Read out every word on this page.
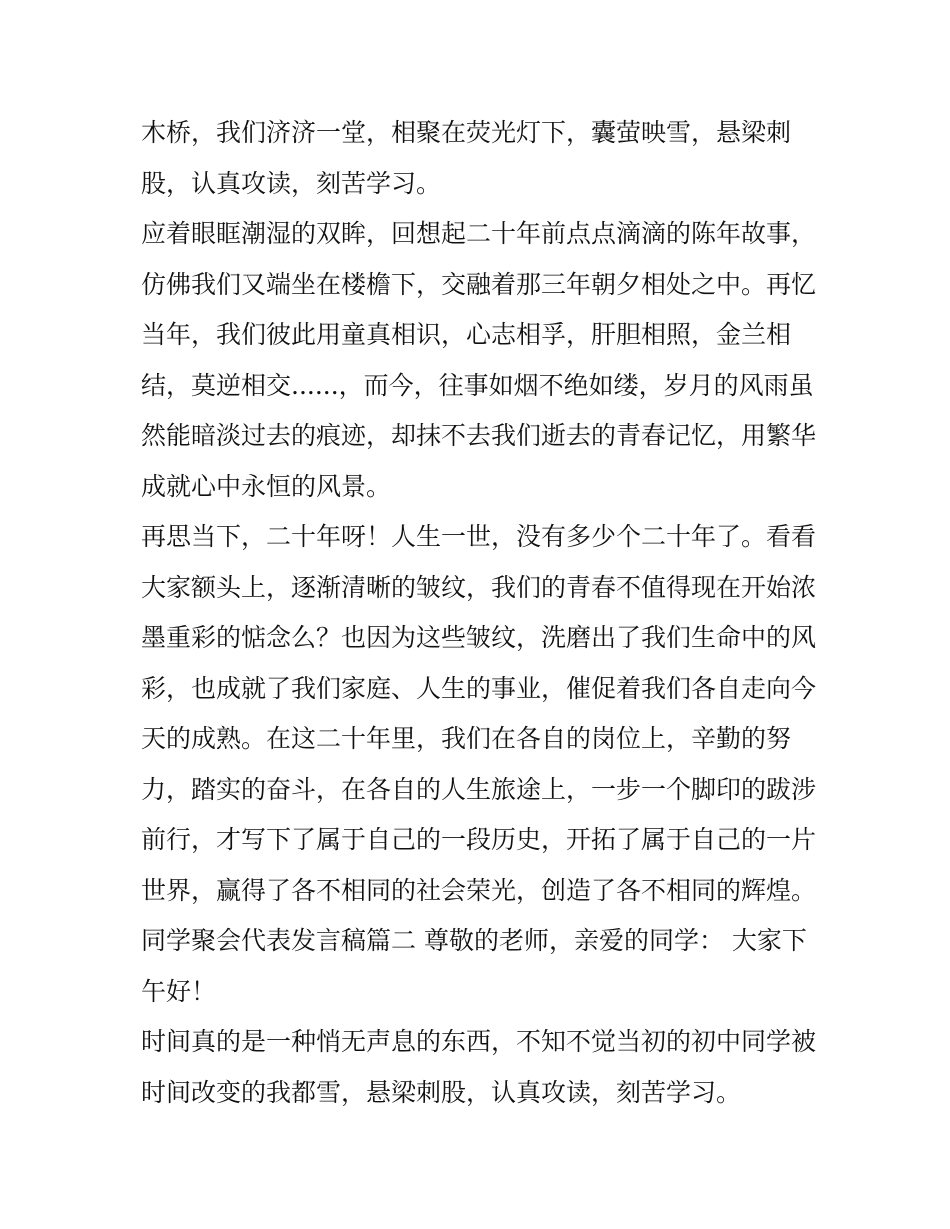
木桥，我们济济一堂，相聚在荧光灯下，囊萤映雪，悬梁刺
股，认真攻读，刻苦学习。
应着眼眶潮湿的双眸，回想起二十年前点点滴滴的陈年故事，
仿佛我们又端坐在楼檐下，交融着那三年朝夕相处之中。再忆
当年，我们彼此用童真相识，心志相孚，肝胆相照，金兰相
结，莫逆相交......，而今，往事如烟不绝如缕，岁月的风雨虽
然能暗淡过去的痕迹，却抹不去我们逝去的青春记忆，用繁华
成就心中永恒的风景。
再思当下，二十年呀！人生一世，没有多少个二十年了。看看
大家额头上，逐渐清晰的皱纹，我们的青春不值得现在开始浓
墨重彩的惦念么？也因为这些皱纹，洗磨出了我们生命中的风
彩，也成就了我们家庭、人生的事业，催促着我们各自走向今
天的成熟。在这二十年里，我们在各自的岗位上，辛勤的努
力，踏实的奋斗，在各自的人生旅途上，一步一个脚印的跋涉
前行，才写下了属于自己的一段历史，开拓了属于自己的一片
世界，赢得了各不相同的社会荣光，创造了各不相同的辉煌。
同学聚会代表发言稿篇二 尊敬的老师，亲爱的同学： 大家下
午好！
时间真的是一种悄无声息的东西，不知不觉当初的初中同学被
时间改变的我都雪，悬梁刺股，认真攻读，刻苦学习。
